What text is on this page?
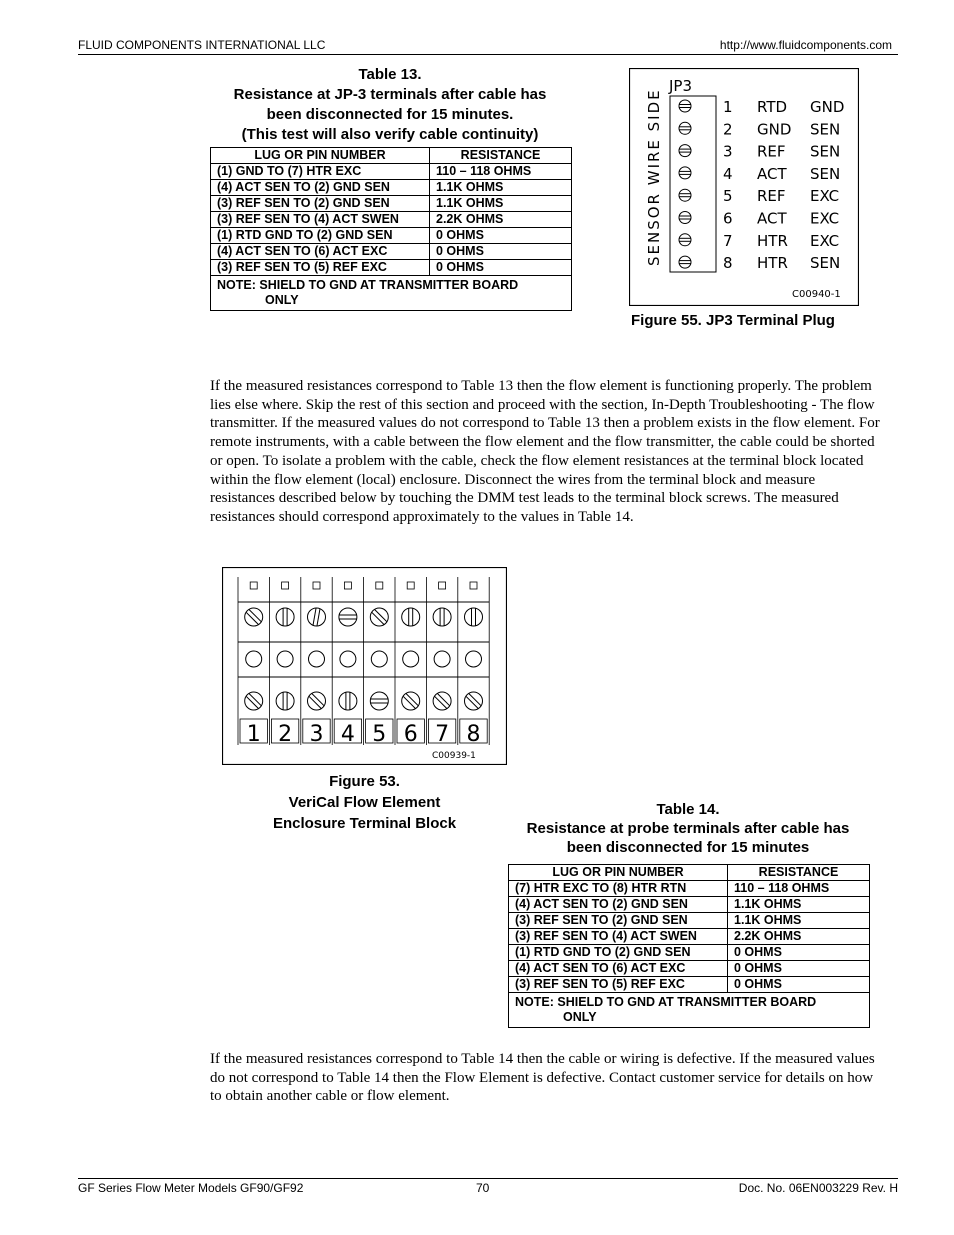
FLUID COMPONENTS INTERNATIONAL LLC	http://www.fluidcomponents.com
Table 13.
Resistance at JP-3 terminals after cable has
been disconnected for 15 minutes.
(This test will also verify cable continuity)
LUG OR PIN NUMBER	RESISTANCE
(1) GND TO (7) HTR EXC	110 – 118 OHMS
(4) ACT SEN TO (2) GND SEN	1.1K OHMS
(3) REF SEN TO (2) GND SEN	1.1K OHMS
(3) REF SEN TO (4) ACT SWEN	2.2K OHMS
(1) RTD GND TO (2) GND SEN	0 OHMS
(4) ACT SEN TO (6) ACT EXC	0 OHMS
(3) REF SEN TO (5) REF EXC	0 OHMS
NOTE: SHIELD TO GND AT TRANSMITTER BOARD
ONLY
JP3
SENSOR WIRE SIDE	1 RTD GND
2 GND SEN
3 REF SEN
4 ACT SEN
5 REF EXC
6 ACT EXC
7 HTR EXC
8 HTR SEN
C00940-1
Figure 55. JP3 Terminal Plug
If the measured resistances correspond to Table 13 then the flow element is functioning properly. The problem lies else where. Skip the rest of this section and proceed with the section, In-Depth Troubleshooting - The flow transmitter. If the measured values do not correspond to Table 13 then a problem exists in the flow element. For remote instruments, with a cable between the flow element and the flow transmitter, the cable could be shorted or open. To isolate a problem with the cable, check the flow element resistances at the terminal block located within the flow element (local) enclosure. Disconnect the wires from the terminal block and measure resistances described below by touching the DMM test leads to the terminal block screws. The measured resistances should correspond approximately to the values in Table 14.
1 2 3 4 5 6 7 8
C00939-1
Figure 53.
VeriCal Flow Element
Enclosure Terminal Block
Table 14.
Resistance at probe terminals after cable has
been disconnected for 15 minutes
LUG OR PIN NUMBER	RESISTANCE
(7) HTR EXC TO (8) HTR RTN	110 – 118 OHMS
(4) ACT SEN TO (2) GND SEN	1.1K OHMS
(3) REF SEN TO (2) GND SEN	1.1K OHMS
(3) REF SEN TO (4) ACT SWEN	2.2K OHMS
(1) RTD GND TO (2) GND SEN	0 OHMS
(4) ACT SEN TO (6) ACT EXC	0 OHMS
(3) REF SEN TO (5) REF EXC	0 OHMS
NOTE: SHIELD TO GND AT TRANSMITTER BOARD
ONLY
If the measured resistances correspond to Table 14 then the cable or wiring is defective. If the measured values do not correspond to Table 14 then the Flow Element is defective. Contact customer service for details on how to obtain another cable or flow element.
GF Series Flow Meter Models GF90/GF92	70	Doc. No. 06EN003229 Rev. H
